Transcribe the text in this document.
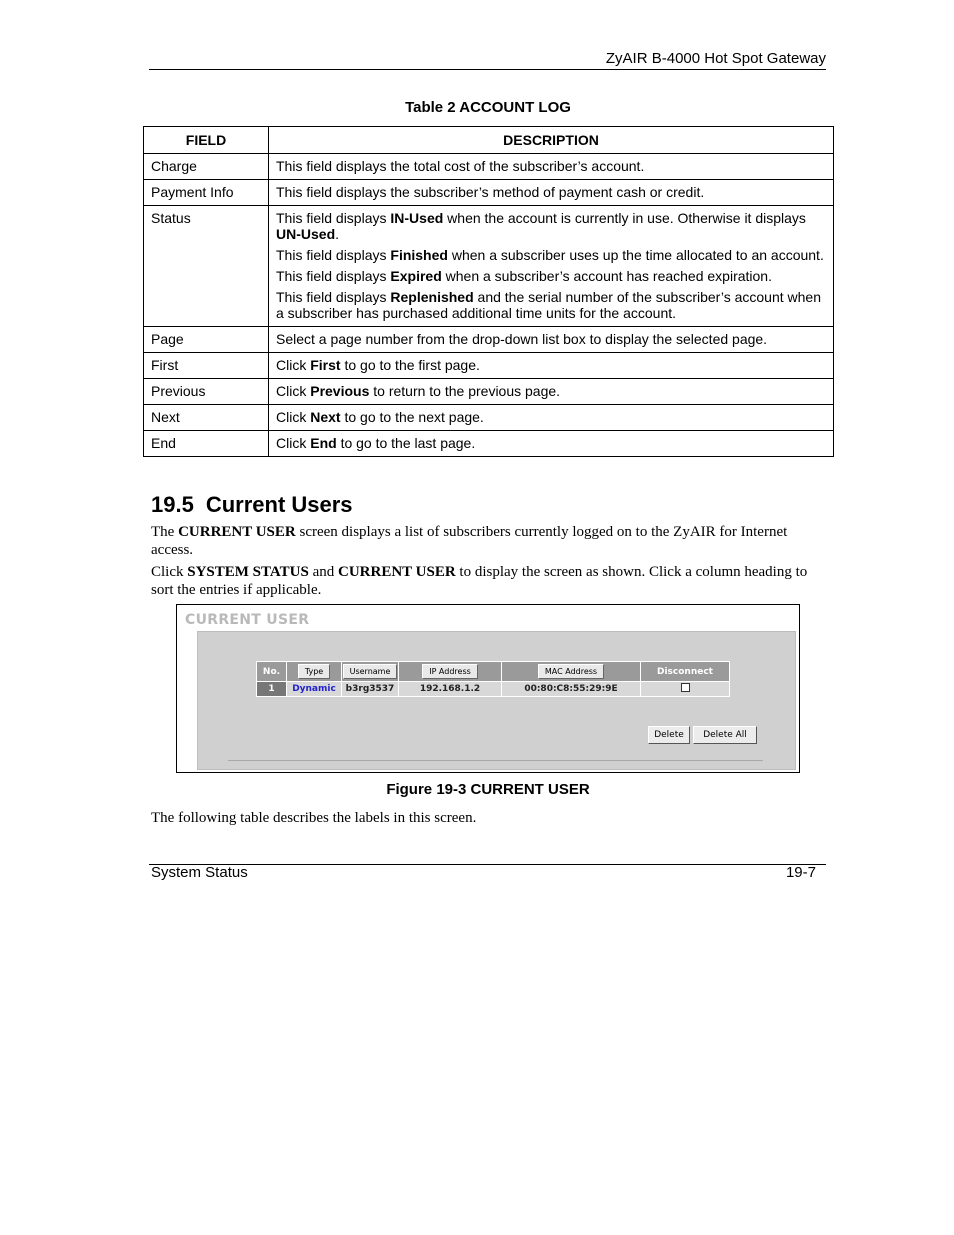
ZyAIR B-4000 Hot Spot Gateway
Table 2 ACCOUNT LOG
FIELD	DESCRIPTION
Charge	This field displays the total cost of the subscriber’s account.
Payment Info	This field displays the subscriber’s method of payment cash or credit.
Status	This field displays IN-Used when the account is currently in use. Otherwise it displays UN-Used.

This field displays Finished when a subscriber uses up the time allocated to an account.

This field displays Expired when a subscriber’s account has reached expiration.

This field displays Replenished and the serial number of the subscriber’s account when a subscriber has purchased additional time units for the account.

Page	Select a page number from the drop-down list box to display the selected page.
First	Click First to go to the first page.
Previous	Click Previous to return to the previous page.
Next	Click Next to go to the next page.
End	Click End to go to the last page.
19.5 Current Users
The CURRENT USER screen displays a list of subscribers currently logged on to the ZyAIR for Internet access.
Click SYSTEM STATUS and CURRENT USER to display the screen as shown. Click a column heading to sort the entries if applicable.
CURRENT USER
No.	Type	Username	IP Address	MAC Address	Disconnect
1	Dynamic	b3rg3537	192.168.1.2	00:80:C8:55:29:9E	
Delete	Delete All
Figure 19-3 CURRENT USER
The following table describes the labels in this screen.
System Status	19-7
